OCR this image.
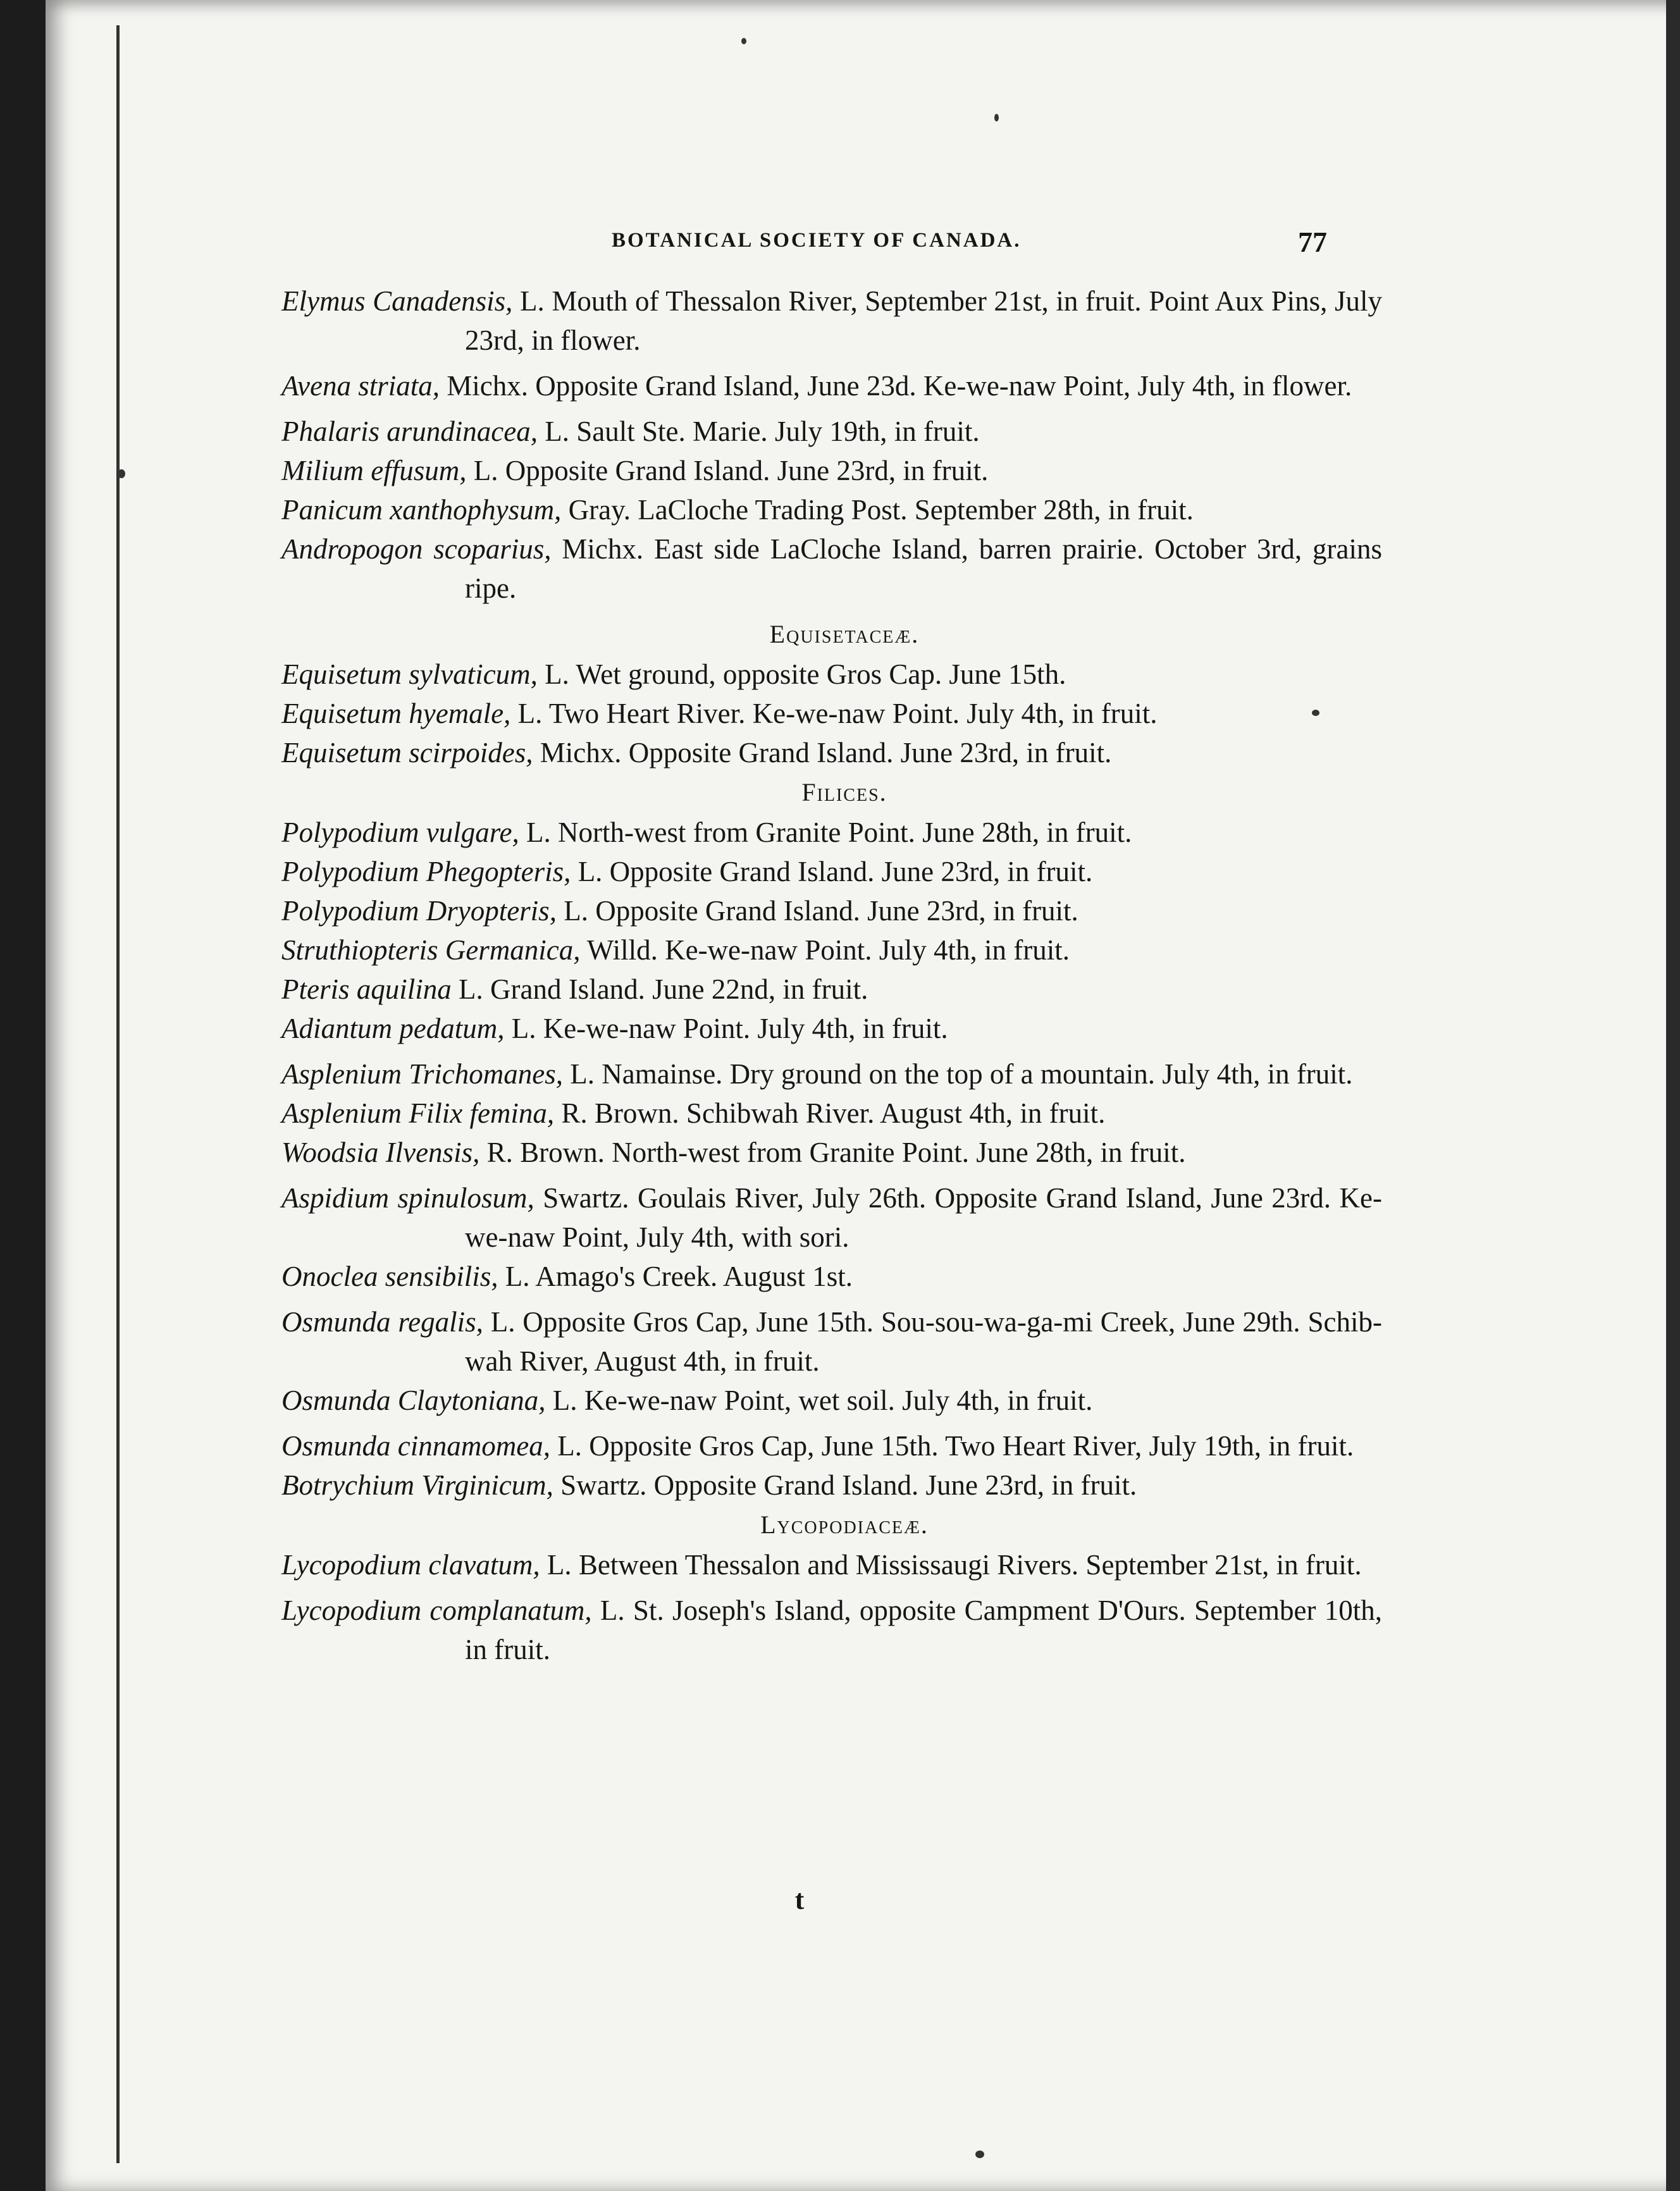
BOTANICAL SOCIETY OF CANADA.	77
Elymus Canadensis, L. Mouth of Thessalon River, September 21st, in fruit. Point Aux Pins, July 23rd, in flower.
Avena striata, Michx. Opposite Grand Island, June 23d. Ke-we-naw Point, July 4th, in flower.
Phalaris arundinacea, L. Sault Ste. Marie. July 19th, in fruit.
Milium effusum, L. Opposite Grand Island. June 23rd, in fruit.
Panicum xanthophysum, Gray. LaCloche Trading Post. September 28th, in fruit.
Andropogon scoparius, Michx. East side LaCloche Island, barren prairie. October 3rd, grains ripe.
Equisetaceæ.
Equisetum sylvaticum, L. Wet ground, opposite Gros Cap. June 15th.
Equisetum hyemale, L. Two Heart River. Ke-we-naw Point. July 4th, in fruit.
Equisetum scirpoides, Michx. Opposite Grand Island. June 23rd, in fruit.
Filices.
Polypodium vulgare, L. North-west from Granite Point. June 28th, in fruit.
Polypodium Phegopteris, L. Opposite Grand Island. June 23rd, in fruit.
Polypodium Dryopteris, L. Opposite Grand Island. June 23rd, in fruit.
Struthiopteris Germanica, Willd. Ke-we-naw Point. July 4th, in fruit.
Pteris aquilina L. Grand Island. June 22nd, in fruit.
Adiantum pedatum, L. Ke-we-naw Point. July 4th, in fruit.
Asplenium Trichomanes, L. Namainse. Dry ground on the top of a mountain. July 4th, in fruit.
Asplenium Filix femina, R. Brown. Schibwah River. August 4th, in fruit.
Woodsia Ilvensis, R. Brown. North-west from Granite Point. June 28th, in fruit.
Aspidium spinulosum, Swartz. Goulais River, July 26th. Opposite Grand Island, June 23rd. Ke-we-naw Point, July 4th, with sori.
Onoclea sensibilis, L. Amago's Creek. August 1st.
Osmunda regalis, L. Opposite Gros Cap, June 15th. Sou-sou-wa-ga-mi Creek, June 29th. Schib-wah River, August 4th, in fruit.
Osmunda Claytoniana, L. Ke-we-naw Point, wet soil. July 4th, in fruit.
Osmunda cinnamomea, L. Opposite Gros Cap, June 15th. Two Heart River, July 19th, in fruit.
Botrychium Virginicum, Swartz. Opposite Grand Island. June 23rd, in fruit.
Lycopodiaceæ.
Lycopodium clavatum, L. Between Thessalon and Mississaugi Rivers. September 21st, in fruit.
Lycopodium complanatum, L. St. Joseph's Island, opposite Campment D'Ours. September 10th, in fruit.
t
